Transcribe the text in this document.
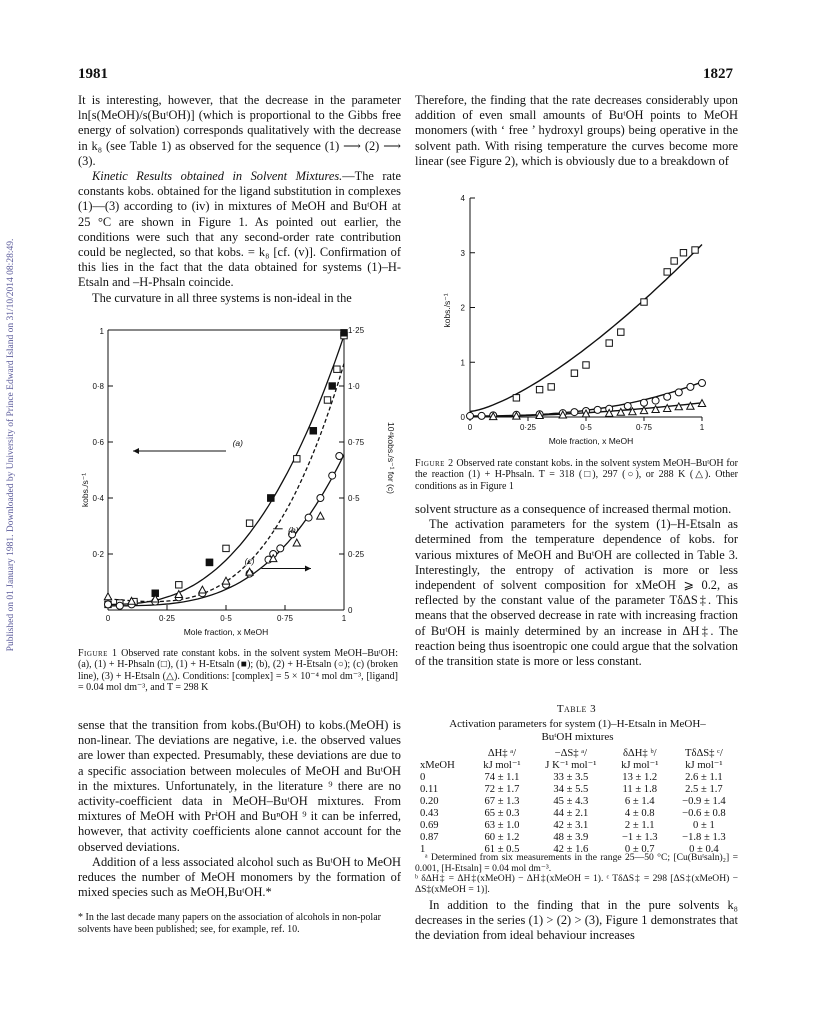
1981	1827
Published on 01 January 1981. Downloaded by University of Prince Edward Island on 31/10/2014 08:28:49.

It is interesting, however, that the decrease in the parameter ln[s(MeOH)/s(BuᵗOH)] (which is proportional to the Gibbs free energy of solvation) corresponds qualitatively with the decrease in k₈ (see Table 1) as observed for the sequence (1) ⟶ (2) ⟶ (3).

Kinetic Results obtained in Solvent Mixtures.—The rate constants kobs. obtained for the ligand substitution in complexes (1)—(3) according to (iv) in mixtures of MeOH and BuᵗOH at 25 °C are shown in Figure 1. As pointed out earlier, the conditions were such that any second-order rate contribution could be neglected, so that kobs. = k₈ [cf. (v)]. Confirmation of this lies in the fact that the data obtained for systems (1)–H-Etsaln and –H-Phsaln coincide.

The curvature in all three systems is non-ideal in the

0	0·25	0·5	0·75	1
Mole fraction, x MeOH
0·2
0·4
0·6
0·8
1
0
0·25
0·5
0·75
1·0
1·25
kobs./s⁻¹	10⁴kobs./s⁻¹ for (c)
(a)
(b)
(c)
Figure 1 Observed rate constant kobs. in the solvent system MeOH–BuᵗOH: (a), (1) + H-Phsaln (□), (1) + H-Etsaln (■); (b), (2) + H-Etsaln (○); (c) (broken line), (3) + H-Etsaln (△). Conditions: [complex] = 5 × 10⁻⁴ mol dm⁻³, [ligand] = 0.04 mol dm⁻³, and T = 298 K

sense that the transition from kobs.(BuᵗOH) to kobs.(MeOH) is non-linear. The deviations are negative, i.e. the observed values are lower than expected. Presumably, these deviations are due to a specific association between molecules of MeOH and BuᵗOH in the mixtures. Unfortunately, in the literature ⁹ there are no activity-coefficient data in MeOH–BuᵗOH mixtures. From mixtures of MeOH with PrⁱOH and BuⁿOH ⁹ it can be inferred, however, that activity coefficients alone cannot account for the observed deviations.

Addition of a less associated alcohol such as BuᵗOH to MeOH reduces the number of MeOH monomers by the formation of mixed species such as MeOH,BuᵗOH.*

* In the last decade many papers on the association of alcohols in non-polar solvents have been published; see, for example, ref. 10.

Therefore, the finding that the rate decreases considerably upon addition of even small amounts of BuᵗOH points to MeOH monomers (with ‘ free ’ hydroxyl groups) being operative in the solvent path. With rising temperature the curves become more linear (see Figure 2), which is obviously due to a breakdown of

0	0·25	0·5	0·75	1
Mole fraction, x MeOH
0
1
2
3
4
kobs./s⁻¹
Figure 2 Observed rate constant kobs. in the solvent system MeOH–BuᵗOH for the reaction (1) + H-Phsaln. T = 318 (□), 297 (○), or 288 K (△). Other conditions as in Figure 1

solvent structure as a consequence of increased thermal motion.

The activation parameters for the system (1)–H-Etsaln as determined from the temperature dependence of kobs. for various mixtures of MeOH and BuᵗOH are collected in Table 3. Interestingly, the entropy of activation is more or less independent of solvent composition for xMeOH ⩾ 0.2, as reflected by the constant value of the parameter TδΔS‡. This means that the observed decrease in rate with increasing fraction of BuᵗOH is mainly determined by an increase in ΔH‡. The reaction being thus isoentropic one could argue that the solvation of the transition state is more or less constant.

Table 3
Activation parameters for system (1)–H-Etsaln in MeOH–BuᵗOH mixtures
	ΔH‡ ᵃ/	−ΔS‡ ᵃ/	δΔH‡ ᵇ/	TδΔS‡ ᶜ/
xMeOH	kJ mol⁻¹	J K⁻¹ mol⁻¹	kJ mol⁻¹	kJ mol⁻¹
0	74 ± 1.1	33 ± 3.5	13 ± 1.2	2.6 ± 1.1
0.11	72 ± 1.7	34 ± 5.5	11 ± 1.8	2.5 ± 1.7
0.20	67 ± 1.3	45 ± 4.3	6 ± 1.4	−0.9 ± 1.4
0.43	65 ± 0.3	44 ± 2.1	4 ± 0.8	−0.6 ± 0.8
0.69	63 ± 1.0	42 ± 3.1	2 ± 1.1	0 ± 1
0.87	60 ± 1.2	48 ± 3.9	−1 ± 1.3	−1.8 ± 1.3
1	61 ± 0.5	42 ± 1.6	0 ± 0.7	0 ± 0.4
ᵃ Determined from six measurements in the range 25—50 °C; [Cu(Buᵗsaln)₂] = 0.001, [H-Etsaln] = 0.04 mol dm⁻³.
ᵇ δΔH‡ = ΔH‡(xMeOH) − ΔH‡(xMeOH = 1). ᶜ TδΔS‡ = 298 [ΔS‡(xMeOH) − ΔS‡(xMeOH = 1)].

In addition to the finding that in the pure solvents k₈ decreases in the series (1) > (2) > (3), Figure 1 demonstrates that the deviation from ideal behaviour increases
